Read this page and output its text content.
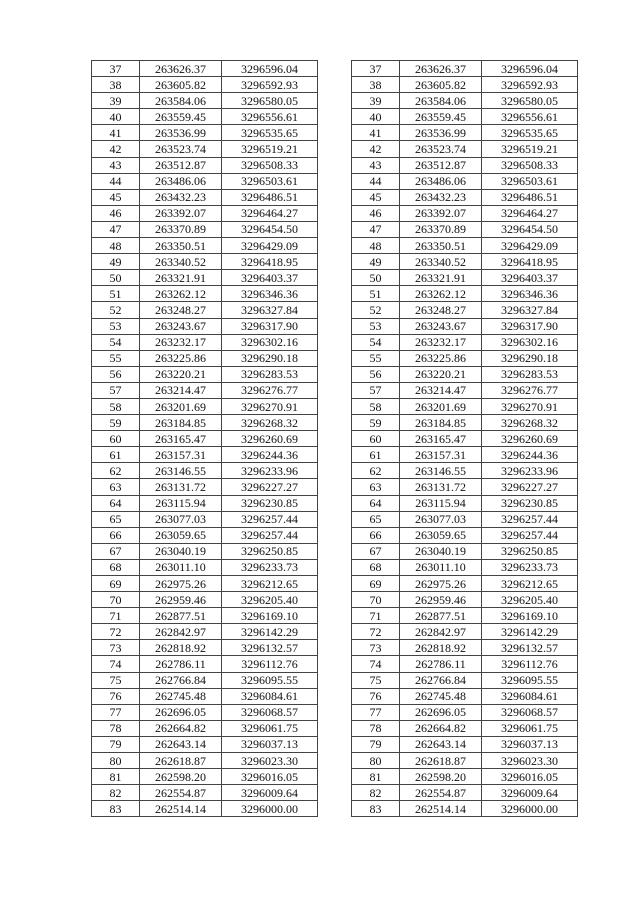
37	263626.37	3296596.04
38	263605.82	3296592.93
39	263584.06	3296580.05
40	263559.45	3296556.61
41	263536.99	3296535.65
42	263523.74	3296519.21
43	263512.87	3296508.33
44	263486.06	3296503.61
45	263432.23	3296486.51
46	263392.07	3296464.27
47	263370.89	3296454.50
48	263350.51	3296429.09
49	263340.52	3296418.95
50	263321.91	3296403.37
51	263262.12	3296346.36
52	263248.27	3296327.84
53	263243.67	3296317.90
54	263232.17	3296302.16
55	263225.86	3296290.18
56	263220.21	3296283.53
57	263214.47	3296276.77
58	263201.69	3296270.91
59	263184.85	3296268.32
60	263165.47	3296260.69
61	263157.31	3296244.36
62	263146.55	3296233.96
63	263131.72	3296227.27
64	263115.94	3296230.85
65	263077.03	3296257.44
66	263059.65	3296257.44
67	263040.19	3296250.85
68	263011.10	3296233.73
69	262975.26	3296212.65
70	262959.46	3296205.40
71	262877.51	3296169.10
72	262842.97	3296142.29
73	262818.92	3296132.57
74	262786.11	3296112.76
75	262766.84	3296095.55
76	262745.48	3296084.61
77	262696.05	3296068.57
78	262664.82	3296061.75
79	262643.14	3296037.13
80	262618.87	3296023.30
81	262598.20	3296016.05
82	262554.87	3296009.64
83	262514.14	3296000.00
37	263626.37	3296596.04
38	263605.82	3296592.93
39	263584.06	3296580.05
40	263559.45	3296556.61
41	263536.99	3296535.65
42	263523.74	3296519.21
43	263512.87	3296508.33
44	263486.06	3296503.61
45	263432.23	3296486.51
46	263392.07	3296464.27
47	263370.89	3296454.50
48	263350.51	3296429.09
49	263340.52	3296418.95
50	263321.91	3296403.37
51	263262.12	3296346.36
52	263248.27	3296327.84
53	263243.67	3296317.90
54	263232.17	3296302.16
55	263225.86	3296290.18
56	263220.21	3296283.53
57	263214.47	3296276.77
58	263201.69	3296270.91
59	263184.85	3296268.32
60	263165.47	3296260.69
61	263157.31	3296244.36
62	263146.55	3296233.96
63	263131.72	3296227.27
64	263115.94	3296230.85
65	263077.03	3296257.44
66	263059.65	3296257.44
67	263040.19	3296250.85
68	263011.10	3296233.73
69	262975.26	3296212.65
70	262959.46	3296205.40
71	262877.51	3296169.10
72	262842.97	3296142.29
73	262818.92	3296132.57
74	262786.11	3296112.76
75	262766.84	3296095.55
76	262745.48	3296084.61
77	262696.05	3296068.57
78	262664.82	3296061.75
79	262643.14	3296037.13
80	262618.87	3296023.30
81	262598.20	3296016.05
82	262554.87	3296009.64
83	262514.14	3296000.00
